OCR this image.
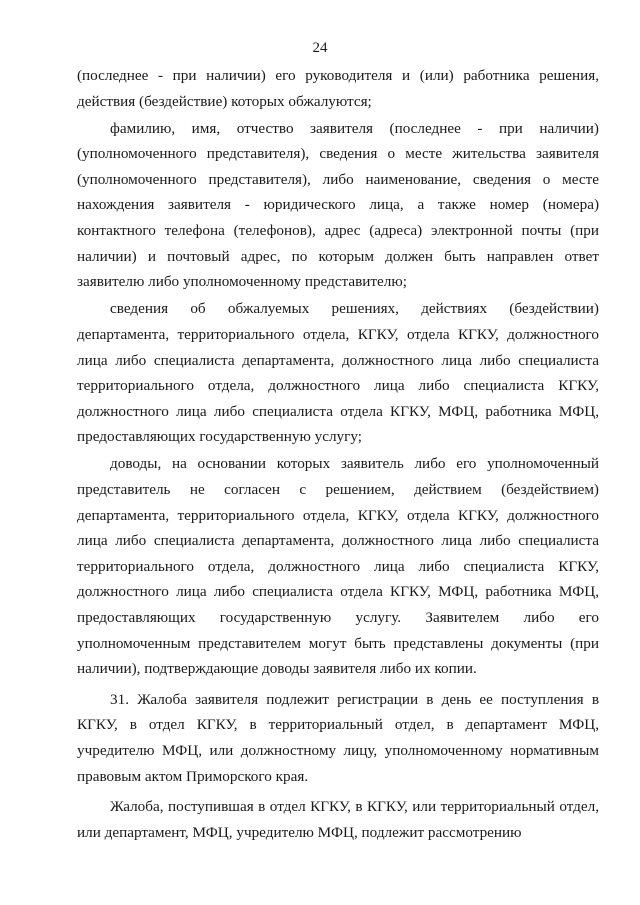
24

(последнее - при наличии) его руководителя и (или) работника решения, действия (бездействие) которых обжалуются;

фамилию, имя, отчество заявителя (последнее - при наличии) (уполномоченного представителя), сведения о месте жительства заявителя (уполномоченного представителя), либо наименование, сведения о месте нахождения заявителя - юридического лица, а также номер (номера) контактного телефона (телефонов), адрес (адреса) электронной почты (при наличии) и почтовый адрес, по которым должен быть направлен ответ заявителю либо уполномоченному представителю;

сведения об обжалуемых решениях, действиях (бездействии) департамента, территориального отдела, КГКУ, отдела КГКУ, должностного лица либо специалиста департамента, должностного лица либо специалиста территориального отдела, должностного лица либо специалиста КГКУ, должностного лица либо специалиста отдела КГКУ, МФЦ, работника МФЦ, предоставляющих государственную услугу;

доводы, на основании которых заявитель либо его уполномоченный представитель не согласен с решением, действием (бездействием) департамента, территориального отдела, КГКУ, отдела КГКУ, должностного лица либо специалиста департамента, должностного лица либо специалиста территориального отдела, должностного лица либо специалиста КГКУ, должностного лица либо специалиста отдела КГКУ, МФЦ, работника МФЦ, предоставляющих государственную услугу. Заявителем либо его уполномоченным представителем могут быть представлены документы (при наличии), подтверждающие доводы заявителя либо их копии.

31. Жалоба заявителя подлежит регистрации в день ее поступления в КГКУ, в отдел КГКУ, в территориальный отдел, в департамент МФЦ, учредителю МФЦ, или должностному лицу, уполномоченному нормативным правовым актом Приморского края.

Жалоба, поступившая в отдел КГКУ, в КГКУ, или территориальный отдел, или департамент, МФЦ, учредителю МФЦ, подлежит рассмотрению
